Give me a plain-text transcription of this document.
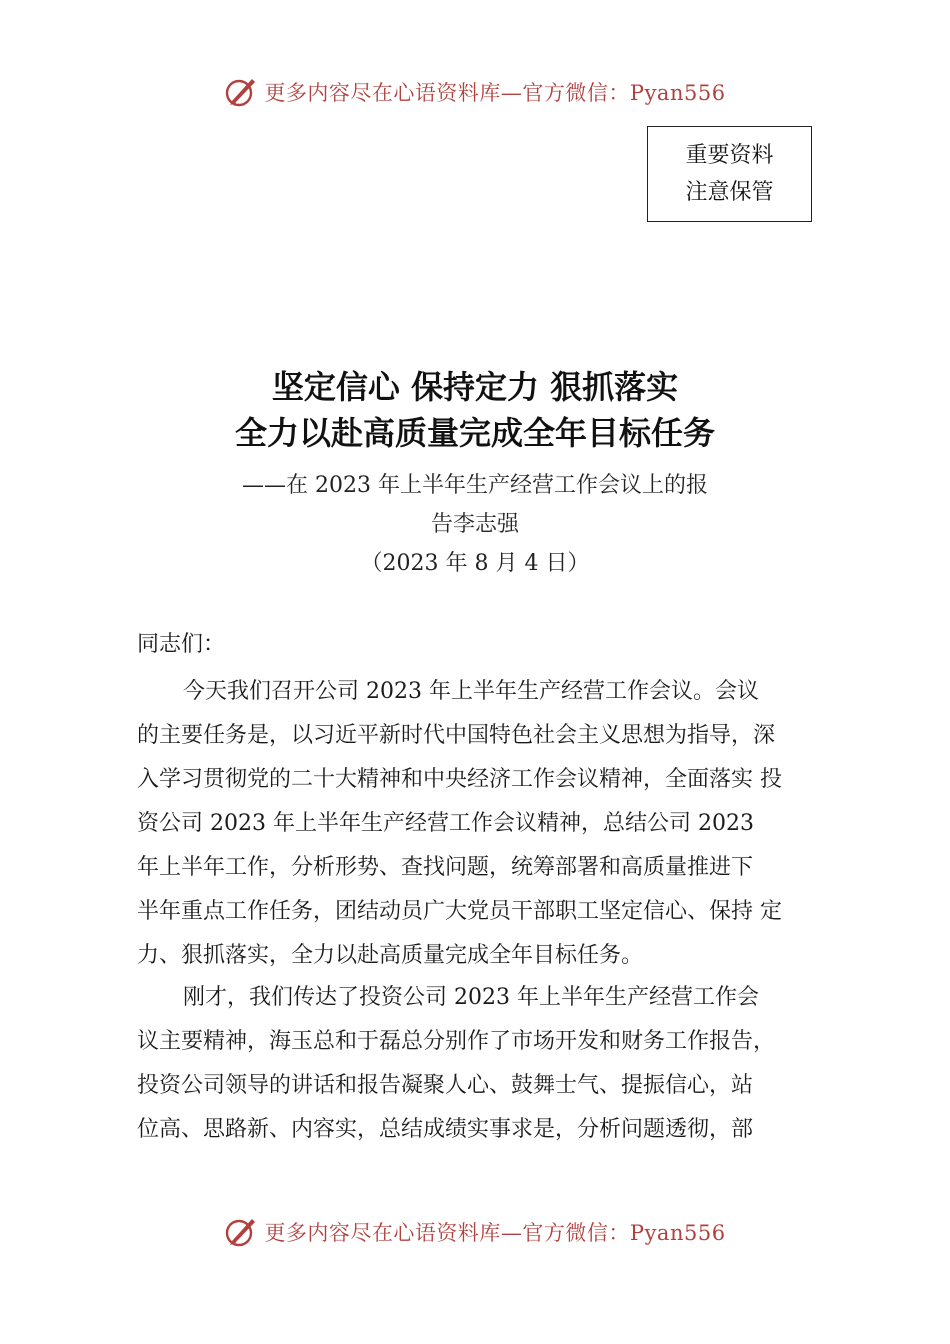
更多内容尽在心语资料库—官方微信：Pyan556
重要资料
注意保管
坚定信心 保持定力 狠抓落实
全力以赴高质量完成全年目标任务
——在 2023 年上半年生产经营工作会议上的报
告李志强
（2023 年 8 月 4 日）
同志们：
今天我们召开公司 2023 年上半年生产经营工作会议。会议
的主要任务是，以习近平新时代中国特色社会主义思想为指导，深
入学习贯彻党的二十大精神和中央经济工作会议精神，全面落实 投
资公司 2023 年上半年生产经营工作会议精神，总结公司 2023
年上半年工作，分析形势、查找问题，统筹部署和高质量推进下
半年重点工作任务，团结动员广大党员干部职工坚定信心、保持 定
力、狠抓落实，全力以赴高质量完成全年目标任务。
刚才，我们传达了投资公司 2023 年上半年生产经营工作会
议主要精神，海玉总和于磊总分别作了市场开发和财务工作报告，
投资公司领导的讲话和报告凝聚人心、鼓舞士气、提振信心，站
位高、思路新、内容实，总结成绩实事求是，分析问题透彻，部
更多内容尽在心语资料库—官方微信：Pyan556
